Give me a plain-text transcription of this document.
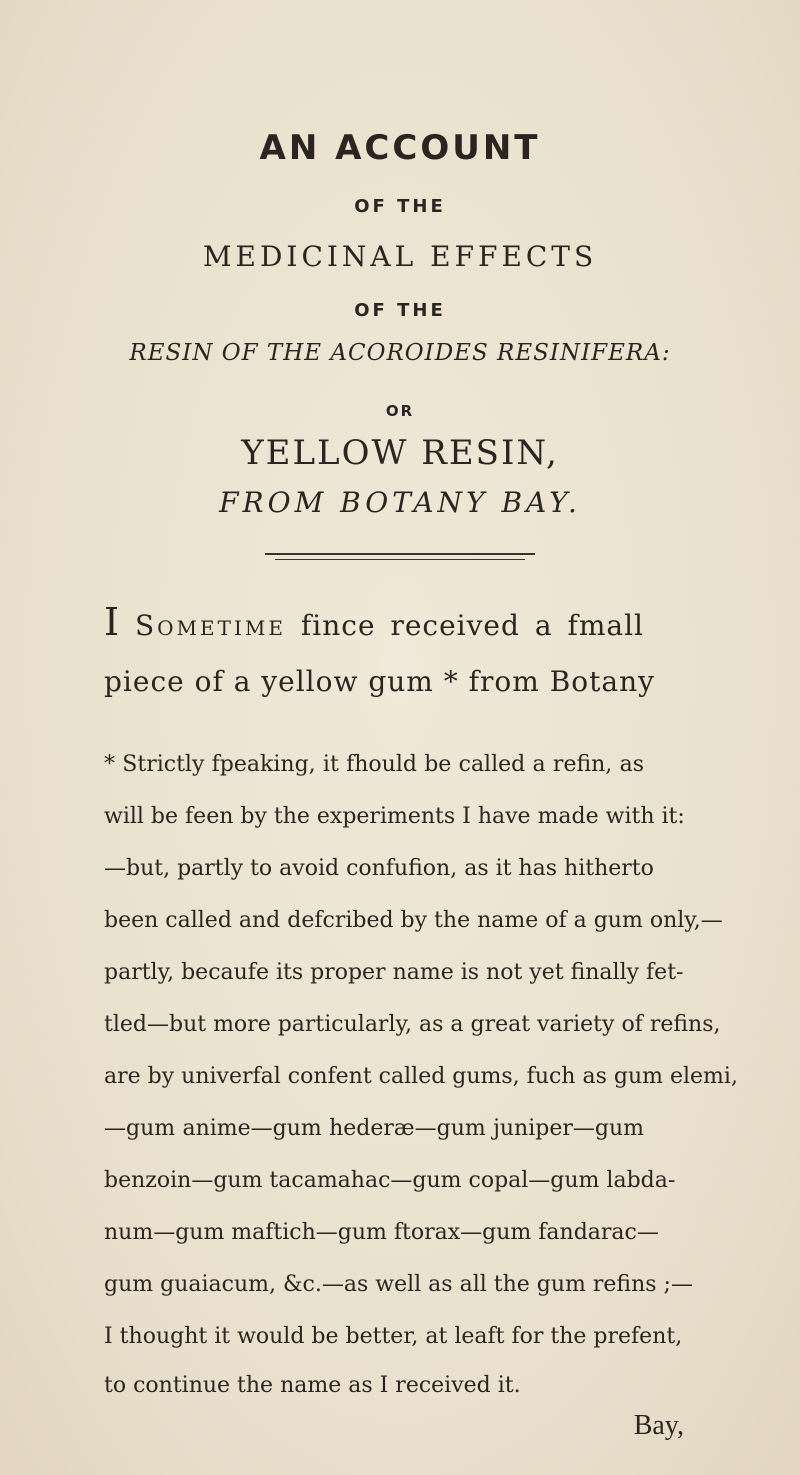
AN ACCOUNT
OF THE
MEDICINAL EFFECTS
OF THE
RESIN OF THE ACOROIDES RESINIFERA:
OR
YELLOW RESIN,
FROM BOTANY BAY.
I Sometime fince received a fmall
piece of a yellow gum * from Botany
* Strictly fpeaking, it fhould be called a refin, as
will be feen by the experiments I have made with it:
—but, partly to avoid confufion, as it has hitherto
been called and defcribed by the name of a gum only,—
partly, becaufe its proper name is not yet finally fet-
tled—but more particularly, as a great variety of refins,
are by univerfal confent called gums, fuch as gum elemi,
—gum anime—gum hederæ—gum juniper—gum
benzoin—gum tacamahac—gum copal—gum labda-
num—gum maftich—gum ftorax—gum fandarac—
gum guaiacum, &c.—as well as all the gum refins ;—
I thought it would be better, at leaft for the prefent,
to continue the name as I received it.
Bay,
